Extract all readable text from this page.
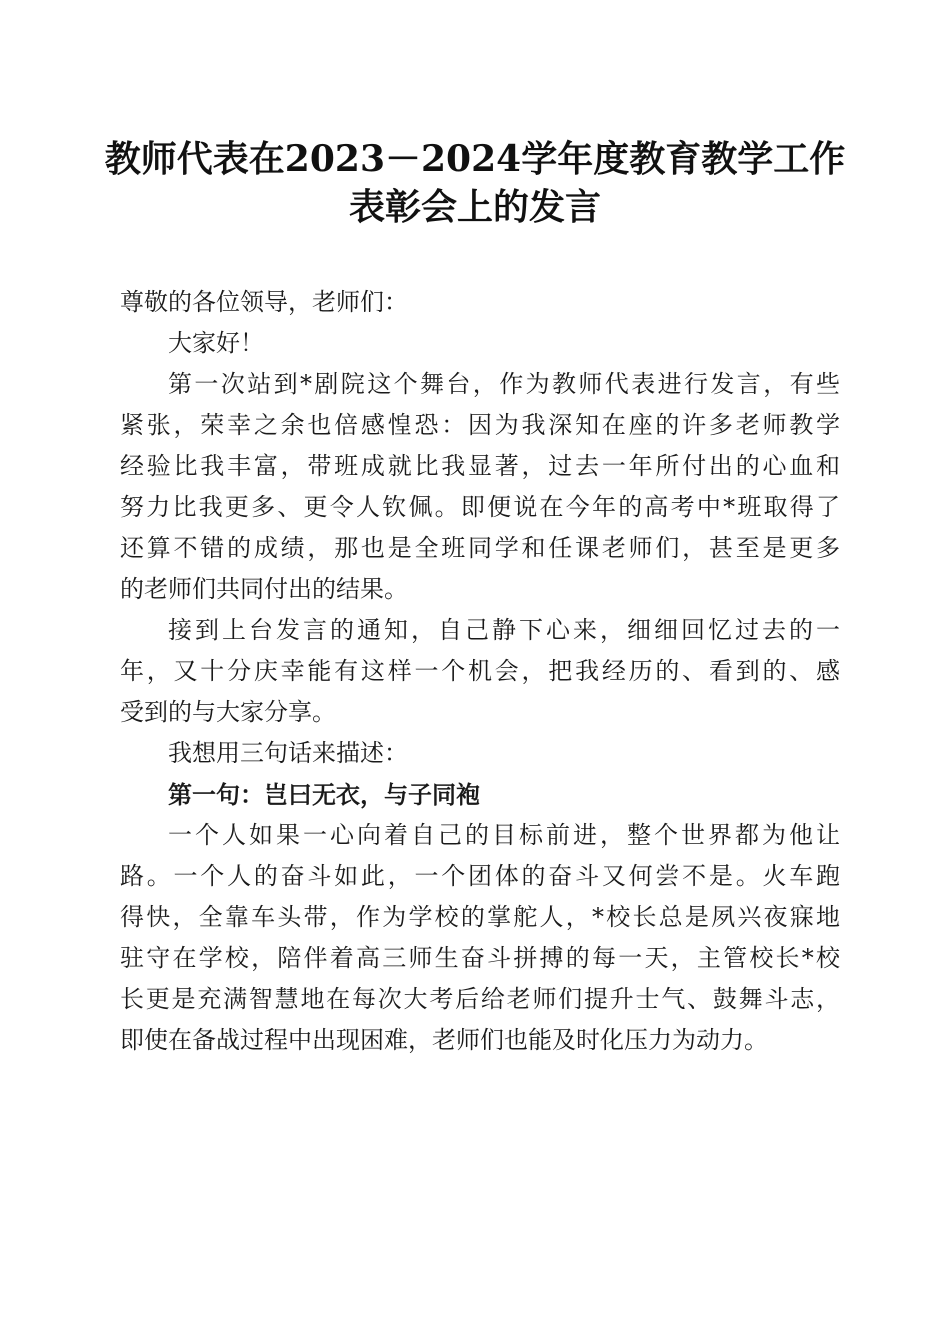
教师代表在2023－2024学年度教育教学工作
表彰会上的发言
尊敬的各位领导，老师们：
大家好！
第一次站到*剧院这个舞台，作为教师代表进行发言，有些
紧张，荣幸之余也倍感惶恐：因为我深知在座的许多老师教学
经验比我丰富，带班成就比我显著，过去一年所付出的心血和
努力比我更多、更令人钦佩。即便说在今年的高考中*班取得了
还算不错的成绩，那也是全班同学和任课老师们，甚至是更多
的老师们共同付出的结果。
接到上台发言的通知，自己静下心来，细细回忆过去的一
年，又十分庆幸能有这样一个机会，把我经历的、看到的、感
受到的与大家分享。
我想用三句话来描述：
第一句：岂曰无衣，与子同袍
一个人如果一心向着自己的目标前进，整个世界都为他让
路。一个人的奋斗如此，一个团体的奋斗又何尝不是。火车跑
得快，全靠车头带，作为学校的掌舵人，*校长总是夙兴夜寐地
驻守在学校，陪伴着高三师生奋斗拼搏的每一天，主管校长*校
长更是充满智慧地在每次大考后给老师们提升士气、鼓舞斗志，
即使在备战过程中出现困难，老师们也能及时化压力为动力。
